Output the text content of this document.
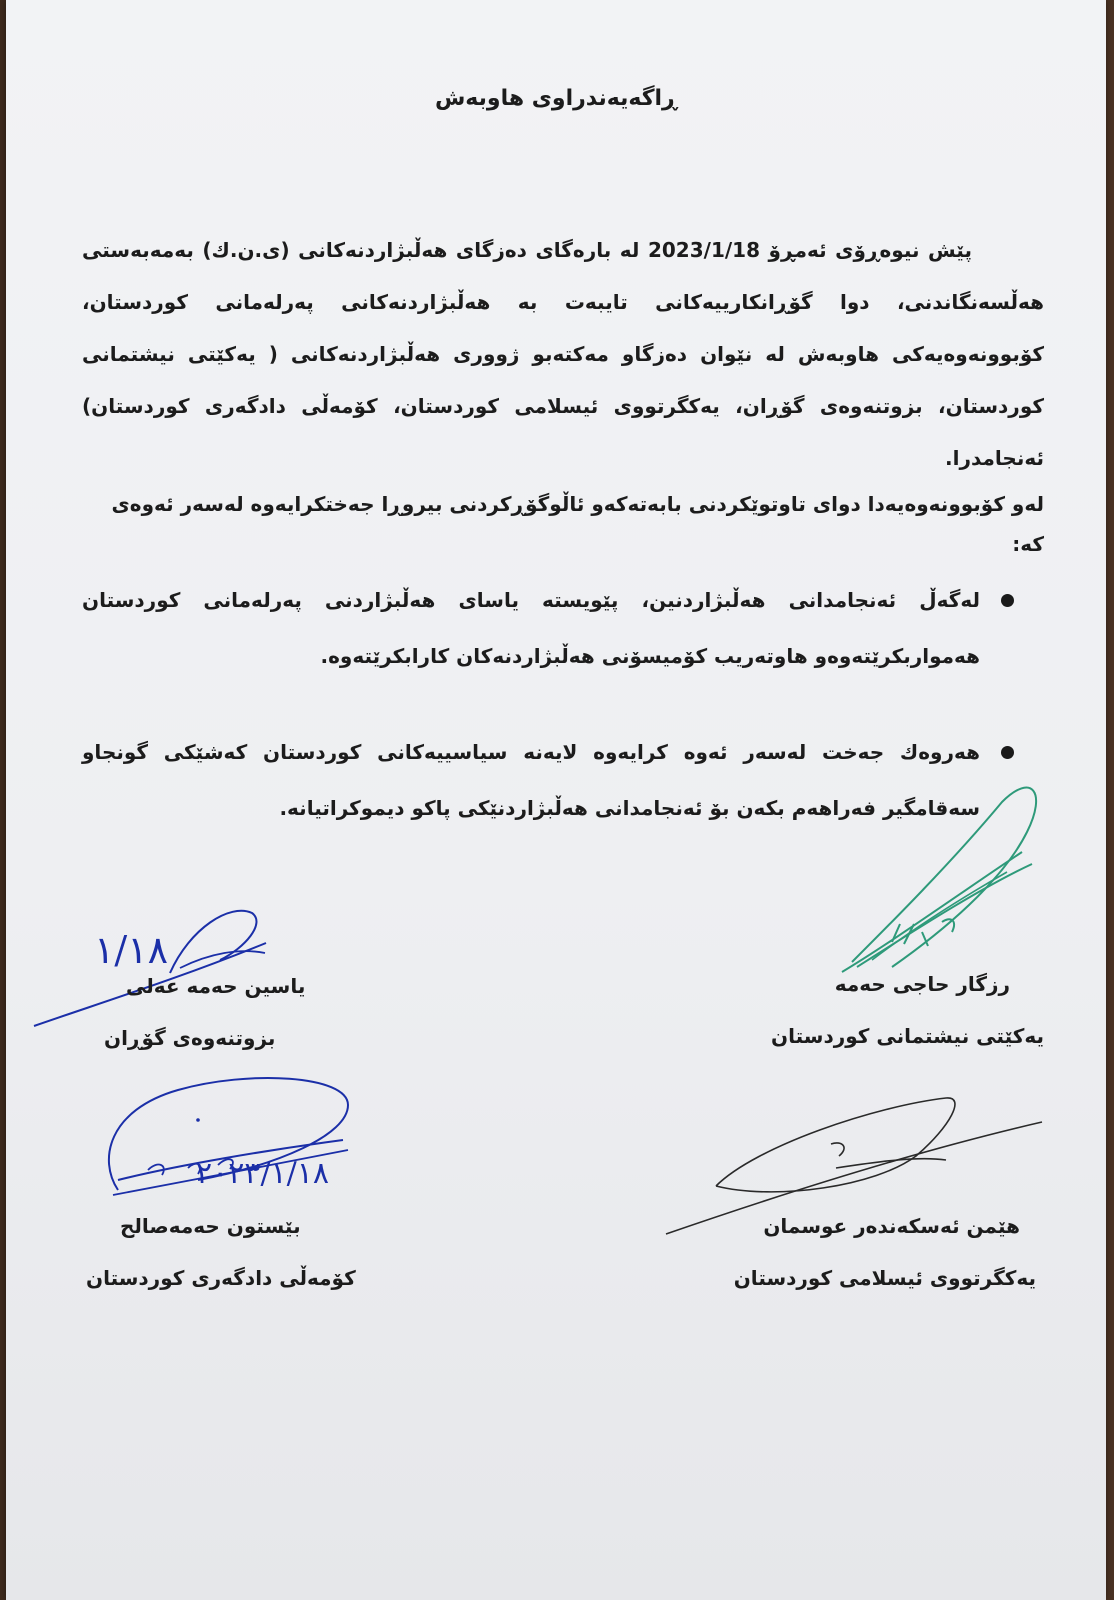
ڕاگەیەندراوی هاوبەش

پێش نیوەڕۆی ئەمڕۆ 2023/1/18 لە بارەگای دەزگای هەڵبژاردنەکانی (ی.ن.ك) بەمەبەستی هەڵسەنگاندنی، دوا گۆڕانکارییەکانی تایبەت بە هەڵبژاردنەکانی پەرلەمانی کوردستان، کۆبوونەوەیەکی هاوبەش لە نێوان دەزگاو مەکتەبو ژووری هەڵبژاردنەکانی ( یەکێتی نیشتمانی کوردستان، بزوتنەوەی گۆڕان، یەکگرتووی ئیسلامی کوردستان، کۆمەڵی دادگەری کوردستان) ئەنجامدرا.

لەو کۆبوونەوەیەدا دوای تاوتوێکردنی بابەتەکەو ئاڵوگۆڕکردنی بیروڕا جەختکرایەوە لەسەر ئەوەی کە:

لەگەڵ ئەنجامدانی هەڵبژاردنین، پێویستە یاسای هەڵبژاردنی پەرلەمانی کوردستان هەمواربکرێتەوەو هاوتەریب کۆمیسۆنی هەڵبژاردنەکان کارابکرێتەوە.
هەروەك جەخت لەسەر ئەوە کرایەوە لایەنە سیاسییەکانی کوردستان کەشێکی گونجاو سەقامگیر فەراهەم بکەن بۆ ئەنجامدانی هەڵبژاردنێکی پاكو دیموکراتیانە.
رزگار حاجی حەمە
یەکێتی نیشتمانی کوردستان
١/١٨
یاسین حەمە عەلی
بزوتنەوەی گۆڕان
هێمن ئەسکەندەر عوسمان
یەکگرتووی ئیسلامی کوردستان
٢٠٢٣/١/١٨
بێستون حەمەصالح
کۆمەڵی دادگەری کوردستان
